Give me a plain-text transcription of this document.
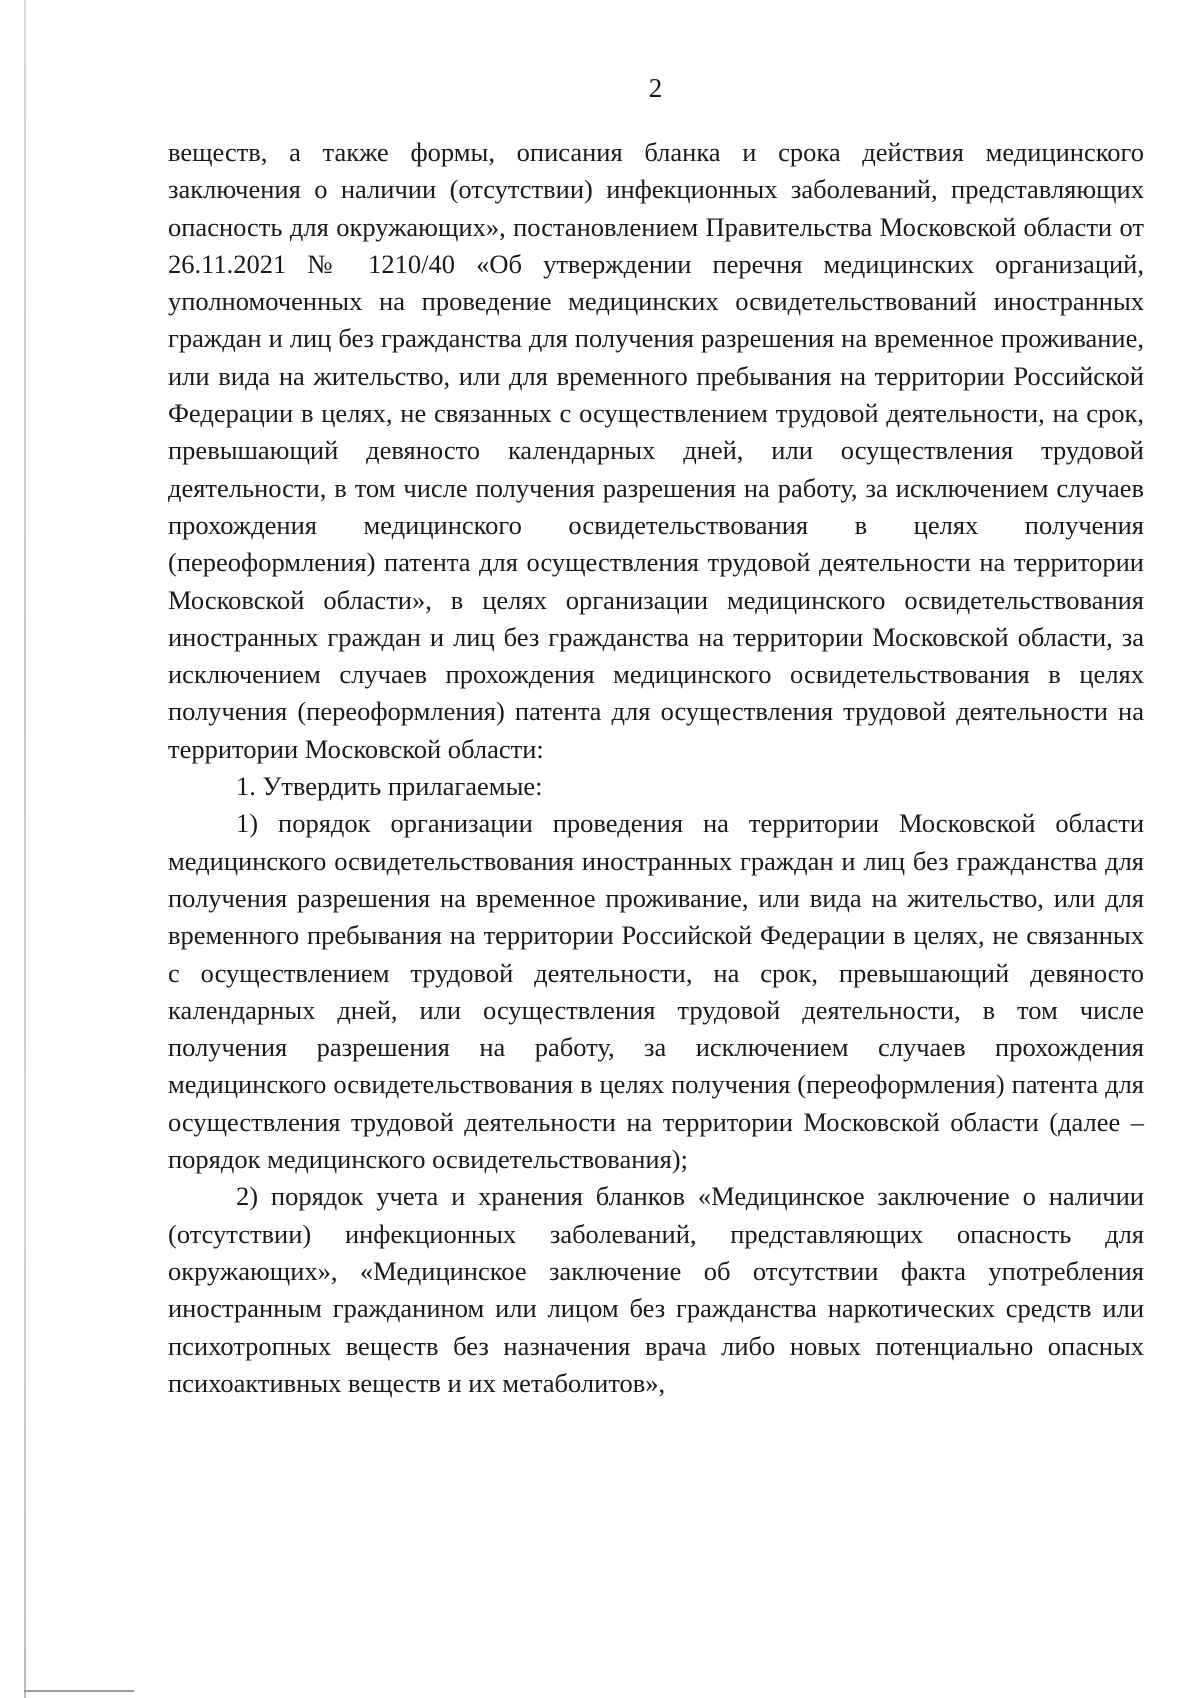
2

веществ, а также формы, описания бланка и срока действия медицинского заключения о наличии (отсутствии) инфекционных заболеваний, представляющих опасность для окружающих», постановлением Правительства Московской области от 26.11.2021 № 1210/40 «Об утверждении перечня медицинских организаций, уполномоченных на проведение медицинских освидетельствований иностранных граждан и лиц без гражданства для получения разрешения на временное проживание, или вида на жительство, или для временного пребывания на территории Российской Федерации в целях, не связанных с осуществлением трудовой деятельности, на срок, превышающий девяносто календарных дней, или осуществления трудовой деятельности, в том числе получения разрешения на работу, за исключением случаев прохождения медицинского освидетельствования в целях получения (переоформления) патента для осуществления трудовой деятельности на территории Московской области», в целях организации медицинского освидетельствования иностранных граждан и лиц без гражданства на территории Московской области, за исключением случаев прохождения медицинского освидетельствования в целях получения (переоформления) патента для осуществления трудовой деятельности на территории Московской области:

1. Утвердить прилагаемые:

1) порядок организации проведения на территории Московской области медицинского освидетельствования иностранных граждан и лиц без гражданства для получения разрешения на временное проживание, или вида на жительство, или для временного пребывания на территории Российской Федерации в целях, не связанных с осуществлением трудовой деятельности, на срок, превышающий девяносто календарных дней, или осуществления трудовой деятельности, в том числе получения разрешения на работу, за исключением случаев прохождения медицинского освидетельствования в целях получения (переоформления) патента для осуществления трудовой деятельности на территории Московской области (далее – порядок медицинского освидетельствования);

2) порядок учета и хранения бланков «Медицинское заключение о наличии (отсутствии) инфекционных заболеваний, представляющих опасность для окружающих», «Медицинское заключение об отсутствии факта употребления иностранным гражданином или лицом без гражданства наркотических средств или психотропных веществ без назначения врача либо новых потенциально опасных психоактивных веществ и их метаболитов»,
